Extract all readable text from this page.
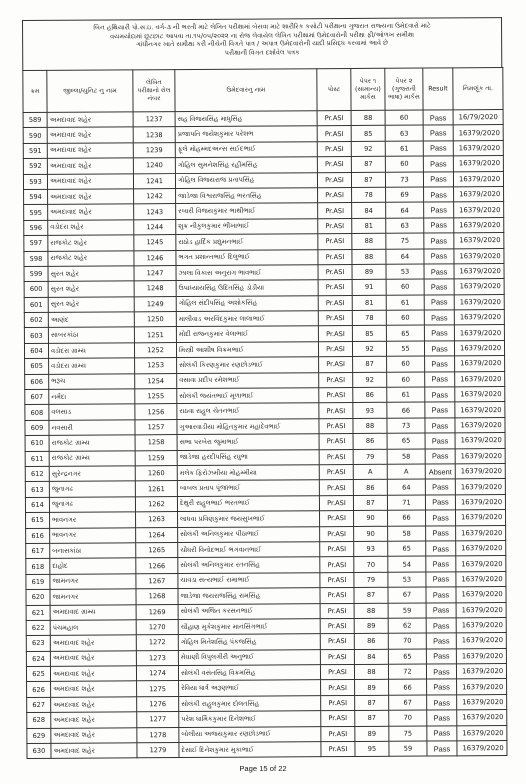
બિન હથિયારી પો.સ.ઇ. વર્ગ-૩ ની ભરતી માટે લેખિત પરીક્ષામાં બેસવા માટે શારીરિક કસોટી પરીક્ષાના ગુજરાત રાજ્યના ઉમેદવારો માટે
વયમર્યાદામાં છૂટછાટ આપવા તા.૧૫/૦૫/૨૦૨૨ ના રોજ લેવાયેલ લેખિત પરીક્ષામાં ઉમેદવારોની પરીક્ષા ફી/ઓળખ સમીક્ષા
ગાંધીનગર ખાતે સમીક્ષા કરી નીચેની વિગતે પાત્ર / અપાત્ર ઉમેદવારોની યાદી પ્રસિદ્ધ કરવામાં આવે છે
પરીક્ષાની વિગત દર્શાવેલ પત્રક
ક્રમ	જીલ્લા/યુનિટ નુ નામ	લેખિત પરીક્ષાનો રોલ નંબર	ઉમેદવારનુ નામ	પોસ્ટ	પેપર ૧ (સામાન્ય) માર્કસ	પેપર ૨ (ગુજરાતી ભાષા) માર્કસ	Result	નિમણૂંક તા.
589	અમદાવાદ શહેર	1237	સહ વિજયસિંહ માધુસિંહ	Pr.ASI	88	60	Pass	16/79/2020
590	અમદાવાદ શહેર	1238	પ્રજાપતિ જયેશકુમાર પરેશભ	Pr.ASI	85	63	Pass	16379/2020
591	અમદાવાદ શહેર	1239	ફૂલે મોહમ્મદઅન્સ સઈદભાઈ	Pr.ASI	92	61	Pass	16379/2020
592	અમદાવાદ શહેર	1240	ગોહિલ સુમનેશસિંહ રહીમસિંહ	Pr.ASI	87	60	Pass	16379/2020
593	અમદાવાદ શહેર	1241	ગોહિલ વિજયરાજ પ્રતાપસિંહ	Pr.ASI	87	73	Pass	16379/2020
594	અમદાવાદ શહેર	1242	જાડેજા વિશ્વરાજસિંહ ભરતસિંહ	Pr.ASI	78	69	Pass	16379/2020
595	અમદાવાદ શહેર	1243	રબારી વિજયકુમાર ભાથીભાઈ	Pr.ASI	84	64	Pass	16379/2020
596	વડોદરા શહેર	1244	શુક્ર નીકુલકુમાર ભીખાભાઈ	Pr.ASI	81	63	Pass	16379/2020
597	રાજકોટ શહેર	1245	રાઠોડ હાર્દિક પ્રદ્યુમનભાઈ	Pr.ASI	88	75	Pass	16379/2020
598	રાજકોટ શહેર	1246	ભગત પ્રશાન્તભાઈ દિલુભાઈ	Pr.ASI	88	64	Pass	16379/2020
599	સુરત શહેર	1247	ઝાલા વિકાસ અનુરાગ ભાવભાઈ	Pr.ASI	89	53	Pass	16379/2020
600	સુરત શહેર	1248	ઉપાધ્યાયસિંહ ઉદિતસિંહ ડોડીયા	Pr.ASI	91	60	Pass	16379/2020
601	સુરત શહેર	1249	ગોહિલ સંદીપસિંહ અશોકસિંહ	Pr.ASI	81	61	Pass	16379/2020
602	આણંદ	1250	માલીવાડ અરવિંદકુમાર લાલાભાઈ	Pr.ASI	78	60	Pass	16379/2020
603	સાબરકાંઠા	1251	મોદી રાજનકુમાર વેલાભાઈ	Pr.ASI	85	65	Pass	16379/2020
604	વડોદરા ગ્રામ્ય	1252	મિસ્ત્રી આશીષ વિક્રમભાઈ	Pr.ASI	92	55	Pass	16379/2020
605	વડોદરા ગ્રામ્ય	1253	સોલંકી કિરણકુમાર રણછોડભાઈ	Pr.ASI	87	60	Pass	16379/2020
606	ભરૂચ	1254	વસાવા પ્રદીપ રમેશભાઈ	Pr.ASI	92	60	Pass	16379/2020
607	નર્મદા	1255	સોલંકી જયંતભાઈ મૂળાભાઈ	Pr.ASI	86	61	Pass	16379/2020
608	વલસાડ	1256	રાઠવા રાહુલ ચેતનભાઈ	Pr.ASI	93	66	Pass	16379/2020
609	નવસારી	1257	ગુઆરવાડીયા મોહિતકુમાર મહાદેવભાઈ	Pr.ASI	88	73	Pass	16379/2020
610	રાજકોટ ગ્રામ્ય	1258	સભા પરબેરા જુમાભાઈ	Pr.ASI	86	65	Pass	16379/2020
611	રાજકોટ ગ્રામ્ય	1259	જાડેજા હરદીપસિંહ રઘુભા	Pr.ASI	79	58	Pass	16379/2020
612	સુરેન્દ્રનગર	1260	મલેક ફિરોઝમીયા મોહમ્મીયા	Pr.ASI	A	A	Absent	16379/2020
613	જુનાગઢ	1261	બાબલ પ્રતાપ પૂંજાભાઈ	Pr.ASI	86	64	Pass	16379/2020
614	જુનાગઢ	1262	દેથુરી રાહુલભાઈ ભરતભાઈ	Pr.ASI	87	71	Pass	16379/2020
615	ભાવનગર	1263	લાધવા પ્રવિણકુમાર જયસુખભાઈ	Pr.ASI	90	66	Pass	16379/2020
616	ભાવનગર	1264	સોલંકી અનિલકુમાર પીઠાભાઈ	Pr.ASI	90	58	Pass	16379/2020
617	બનાસકાંઠા	1265	ચૌધરી વિનોદભાઈ ભગવાનભાઈ	Pr.ASI	93	65	Pass	16379/2020
618	દાહોદ	1266	સોલંકી અનિલકુમાર રતનસિંહ	Pr.ASI	70	54	Pass	16379/2020
619	જામનગર	1267	ચાવડા સત્યભાઈ રામાભાઈ	Pr.ASI	79	53	Pass	16379/2020
620	જામનગર	1268	જાડેજા જયરાજસિંહ રામસિંહ	Pr.ASI	87	67	Pass	16379/2020
621	અમદાવાદ ગ્રામ્ય	1269	સોલંકી અજિત કરસનભાઈ	Pr.ASI	88	59	Pass	16379/2020
622	પંચમહાલ	1270	ચૌહાણ મુકેશકુમાર માનસિંગભાઈ	Pr.ASI	89	62	Pass	16379/2020
623	અમદાવાદ શહેર	1272	ગોહિલ મિતેશસિંહ પંકજસિંહ	Pr.ASI	86	70	Pass	16379/2020
624	અમદાવાદ શહેર	1273	મેઘાણી વિપુલગીરી અનુભાઈ	Pr.ASI	84	65	Pass	16379/2020
625	અમદાવાદ શહેર	1274	સોલંકી વસંતસિંહ વિક્રમસિંહ	Pr.ASI	88	72	Pass	16379/2020
626	અમદાવાદ શહેર	1275	રેવિયા ધાર્ત્ર અરૂણભાઈ	Pr.ASI	89	66	Pass	16379/2020
627	અમદાવાદ શહેર	1276	સોલંકી રાહુલકુમાર દોલતસિંહ	Pr.ASI	87	67	Pass	16379/2020
628	અમદાવાદ શહેર	1277	પરેશ ધાર્મિકકુમાર દિનેશભાઈ	Pr.ASI	87	70	Pass	16379/2020
629	અમદાવાદ શહેર	1278	બોલીયા અજયકુમાર રણછોડભાઈ	Pr.ASI	89	75	Pass	16379/2020
630	અમદાવાદ શહેર	1279	દેસાઈ દિનેશકુમાર મુકાભાઈ	Pr.ASI	95	59	Pass	16379/2020
Page 15 of 22
